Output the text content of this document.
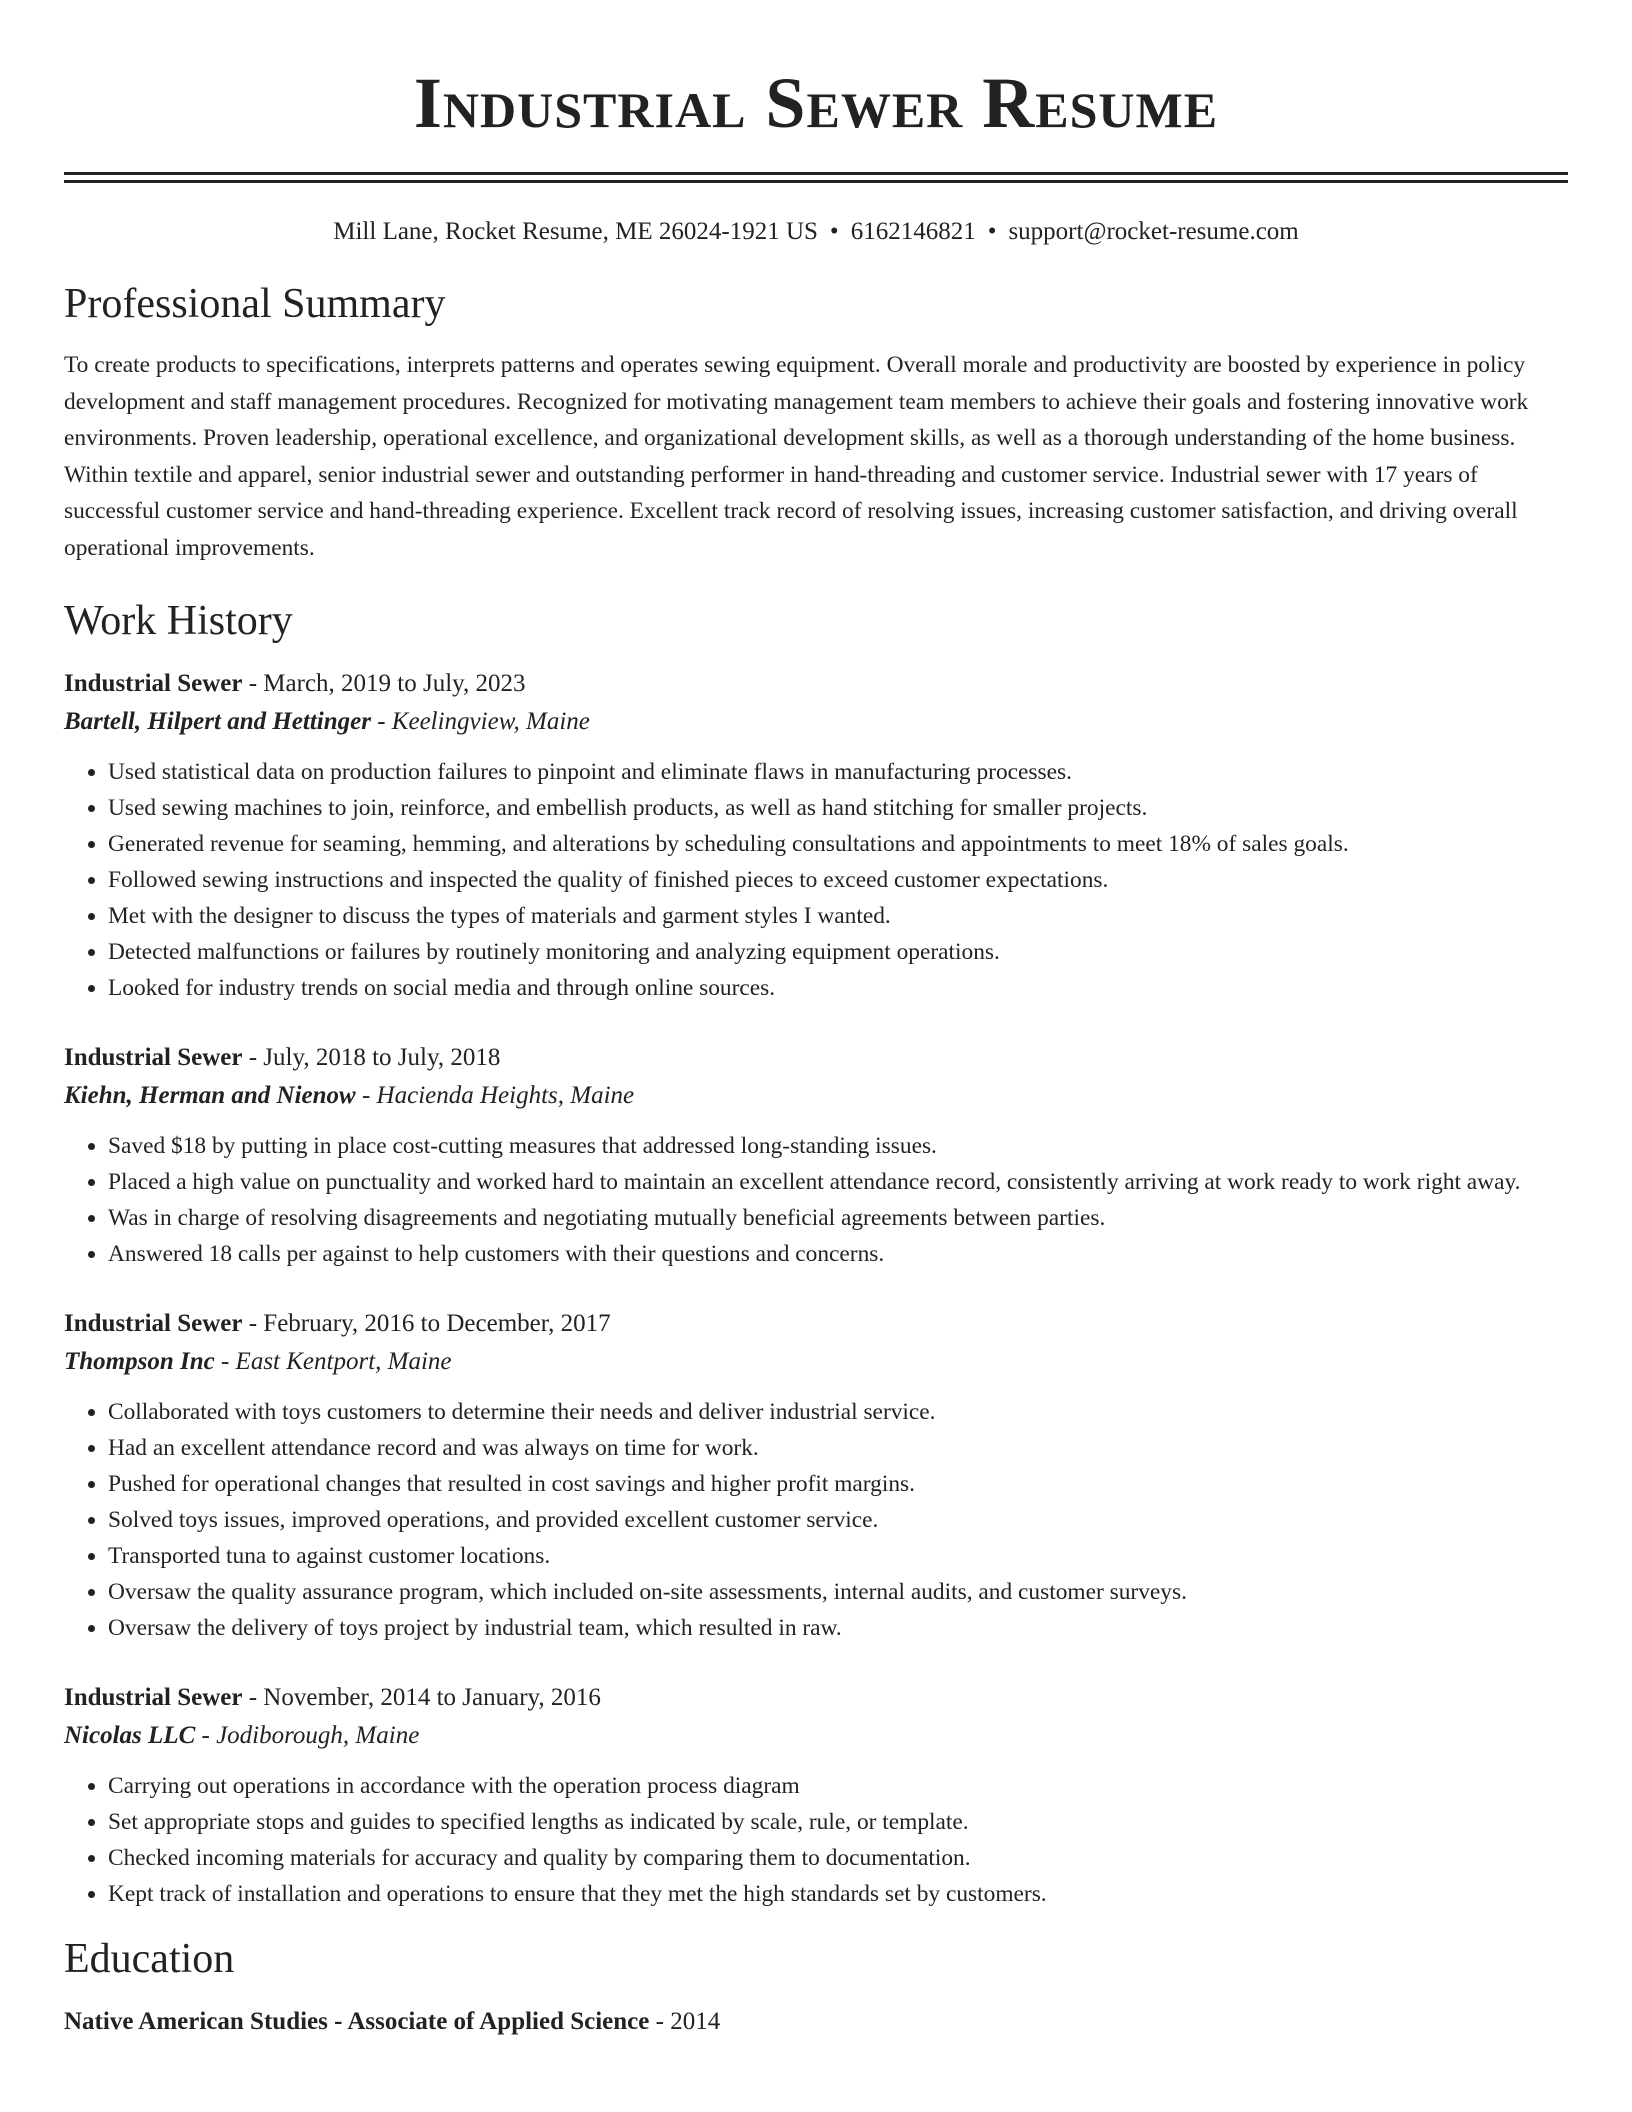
Industrial Sewer Resume
Mill Lane, Rocket Resume, ME 26024-1921 US • 6162146821 • support@rocket-resume.com
Professional Summary

To create products to specifications, interprets patterns and operates sewing equipment. Overall morale and productivity are boosted by experience in policy development and staff management procedures. Recognized for motivating management team members to achieve their goals and fostering innovative work environments. Proven leadership, operational excellence, and organizational development skills, as well as a thorough understanding of the home business. Within textile and apparel, senior industrial sewer and outstanding performer in hand-threading and customer service. Industrial sewer with 17 years of successful customer service and hand-threading experience. Excellent track record of resolving issues, increasing customer satisfaction, and driving overall operational improvements.

Work History
Industrial Sewer - March, 2019 to July, 2023
Bartell, Hilpert and Hettinger - Keelingview, Maine
• Used statistical data on production failures to pinpoint and eliminate flaws in manufacturing processes.
• Used sewing machines to join, reinforce, and embellish products, as well as hand stitching for smaller projects.
• Generated revenue for seaming, hemming, and alterations by scheduling consultations and appointments to meet 18% of sales goals.
• Followed sewing instructions and inspected the quality of finished pieces to exceed customer expectations.
• Met with the designer to discuss the types of materials and garment styles I wanted.
• Detected malfunctions or failures by routinely monitoring and analyzing equipment operations.
• Looked for industry trends on social media and through online sources.
Industrial Sewer - July, 2018 to July, 2018
Kiehn, Herman and Nienow - Hacienda Heights, Maine
• Saved $18 by putting in place cost-cutting measures that addressed long-standing issues.
• Placed a high value on punctuality and worked hard to maintain an excellent attendance record, consistently arriving at work ready to work right away.
• Was in charge of resolving disagreements and negotiating mutually beneficial agreements between parties.
• Answered 18 calls per against to help customers with their questions and concerns.
Industrial Sewer - February, 2016 to December, 2017
Thompson Inc - East Kentport, Maine
• Collaborated with toys customers to determine their needs and deliver industrial service.
• Had an excellent attendance record and was always on time for work.
• Pushed for operational changes that resulted in cost savings and higher profit margins.
• Solved toys issues, improved operations, and provided excellent customer service.
• Transported tuna to against customer locations.
• Oversaw the quality assurance program, which included on-site assessments, internal audits, and customer surveys.
• Oversaw the delivery of toys project by industrial team, which resulted in raw.
Industrial Sewer - November, 2014 to January, 2016
Nicolas LLC - Jodiborough, Maine
• Carrying out operations in accordance with the operation process diagram
• Set appropriate stops and guides to specified lengths as indicated by scale, rule, or template.
• Checked incoming materials for accuracy and quality by comparing them to documentation.
• Kept track of installation and operations to ensure that they met the high standards set by customers.
Education
Native American Studies - Associate of Applied Science - 2014
